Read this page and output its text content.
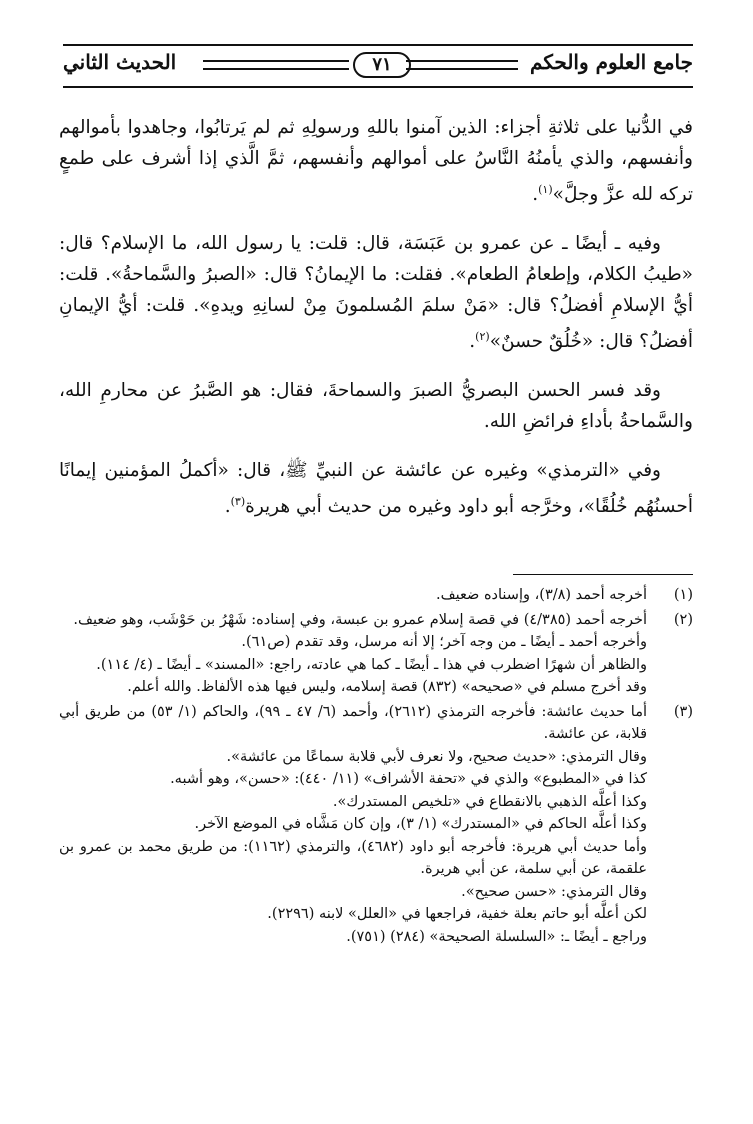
جامع العلوم والحكم
٧١
الحديث الثاني

في الدُّنيا على ثلاثةِ أجزاء: الذين آمنوا باللهِ ورسولِهِ ثم لم يَرتابُوا، وجاهدوا بأموالهم وأنفسهم، والذي يأمنُهُ النَّاسُ على أموالهم وأنفسهم، ثمَّ الَّذي إذا أشرف على طمعٍ تركه لله عزَّ وجلَّ»$^{(١)}$.

وفيه ـ أيضًا ـ عن عمرو بن عَبَسَة، قال: قلت: يا رسول الله، ما الإسلام؟ قال: «طيبُ الكلام، وإطعامُ الطعام». فقلت: ما الإيمانُ؟ قال: «الصبرُ والسَّماحةُ». قلت: أيُّ الإسلامِ أفضلُ؟ قال: «مَنْ سلمَ المُسلمونَ مِنْ لسانِهِ ويدهِ». قلت: أيُّ الإيمانِ أفضلُ؟ قال: «خُلُقٌ حسنٌ»$^{(٢)}$.

وقد فسر الحسن البصريُّ الصبرَ والسماحةَ، فقال: هو الصَّبرُ عن محارمِ الله، والسَّماحةُ بأداءِ فرائضِ الله.

وفي «الترمذي» وغيره عن عائشة عن النبيِّ ﷺ، قال: «أكملُ المؤمنين إيمانًا أحسنُهُم خُلُقًا»، وخرَّجه أبو داود وغيره من حديث أبي هريرة$^{(٣)}$.

(١)
أخرجه أحمد (٣/٨)، وإسناده ضعيف.
(٢)
أخرجه أحمد (٤/٣٨٥) في قصة إسلام عمرو بن عبسة، وفي إسناده: شَهْرُ بن حَوْشَب، وهو ضعيف.
وأخرجه أحمد ـ أيضًا ـ من وجه آخر؛ إلا أنه مرسل، وقد تقدم (ص٦١).
والظاهر أن شهرًا اضطرب في هذا ـ أيضًا ـ كما هي عادته، راجع: «المسند» ـ أيضًا ـ (٤/ ١١٤).
وقد أخرج مسلم في «صحيحه» (٨٣٢) قصة إسلامه، وليس فيها هذه الألفاظ. والله أعلم.
(٣)
أما حديث عائشة: فأخرجه الترمذي (٢٦١٢)، وأحمد (٦/ ٤٧ ـ ٩٩)، والحاكم (١/ ٥٣) من طريق أبي قلابة، عن عائشة.
وقال الترمذي: «حديث صحيح، ولا نعرف لأبي قلابة سماعًا من عائشة».
كذا في «المطبوع» والذي في «تحفة الأشراف» (١١/ ٤٤٠): «حسن»، وهو أشبه.
وكذا أعلَّه الذهبي بالانقطاع في «تلخيص المستدرك».
وكذا أعلَّه الحاكم في «المستدرك» (١/ ٣)، وإن كان مَشَّاه في الموضع الآخر.
وأما حديث أبي هريرة: فأخرجه أبو داود (٤٦٨٢)، والترمذي (١١٦٢): من طريق محمد بن عمرو بن علقمة، عن أبي سلمة، عن أبي هريرة.
وقال الترمذي: «حسن صحيح».
لكن أعلَّه أبو حاتم بعلة خفية، فراجعها في «العلل» لابنه (٢٢٩٦).
وراجع ـ أيضًا ـ: «السلسلة الصحيحة» (٢٨٤) (٧٥١).
